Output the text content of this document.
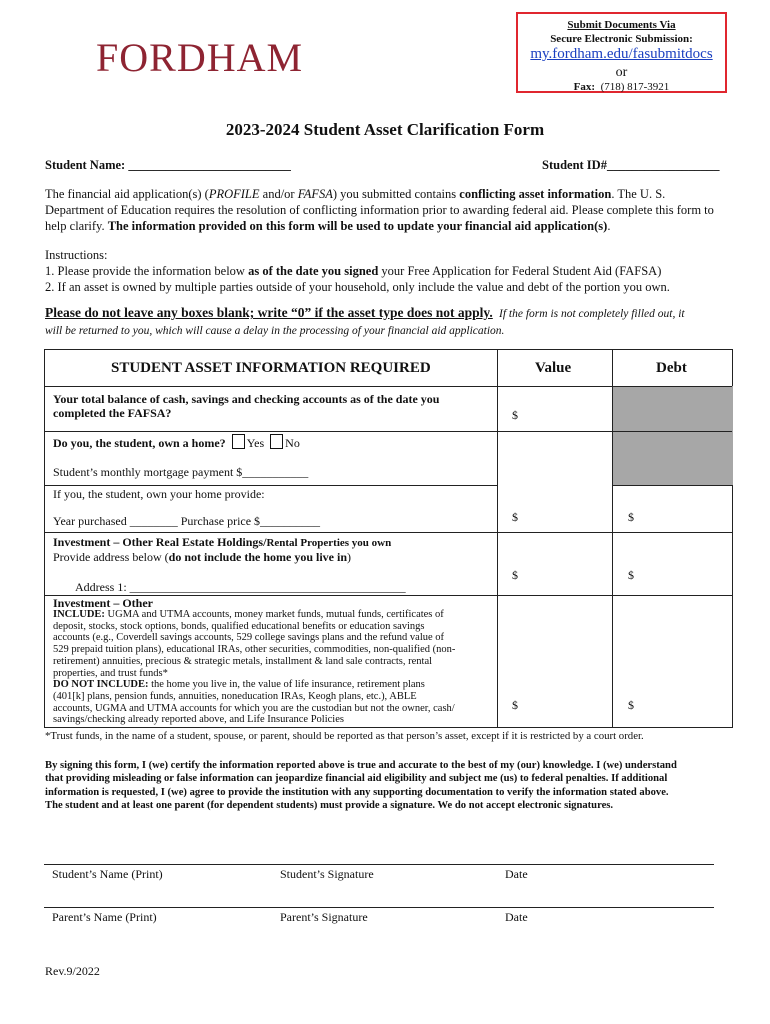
FORDHAM
Submit Documents Via
Secure Electronic Submission:
my.fordham.edu/fasubmitdocs
or
Fax: (718) 817-3921
2023-2024 Student Asset Clarification Form
Student Name: __________________________	Student ID#__________________
The financial aid application(s) (PROFILE and/or FAFSA) you submitted contains conflicting asset information. The U. S.
Department of Education requires the resolution of conflicting information prior to awarding federal aid. Please complete this form to
help clarify. The information provided on this form will be used to update your financial aid application(s).
Instructions:
1. Please provide the information below as of the date you signed your Free Application for Federal Student Aid (FAFSA)
2. If an asset is owned by multiple parties outside of your household, only include the value and debt of the portion you own.
Please do not leave any boxes blank; write “0” if the asset type does not apply. If the form is not completely filled out, it
will be returned to you, which will cause a delay in the processing of your financial aid application.
STUDENT ASSET INFORMATION REQUIRED	Value	Debt
Your total balance of cash, savings and checking accounts as of the date you
completed the FAFSA?	$
Do you, the student, own a home? Yes No
Student’s monthly mortgage payment $___________
If you, the student, own your home provide:
Year purchased ________ Purchase price $__________	$	$
Investment – Other Real Estate Holdings/Rental Properties you own
Provide address below (do not include the home you live in)
Address 1: ______________________________________________
$	$
Investment – Other
INCLUDE: UGMA and UTMA accounts, money market funds, mutual funds, certificates of
deposit, stocks, stock options, bonds, qualified educational benefits or education savings
accounts (e.g., Coverdell savings accounts, 529 college savings plans and the refund value of
529 prepaid tuition plans), educational IRAs, other securities, commodities, non-qualified (non-
retirement) annuities, precious & strategic metals, installment & land sale contracts, rental
properties, and trust funds*
DO NOT INCLUDE: the home you live in, the value of life insurance, retirement plans
(401[k] plans, pension funds, annuities, noneducation IRAs, Keogh plans, etc.), ABLE
accounts, UGMA and UTMA accounts for which you are the custodian but not the owner, cash/
savings/checking already reported above, and Life Insurance Policies
$	$
*Trust funds, in the name of a student, spouse, or parent, should be reported as that person’s asset, except if it is restricted by a court order.
By signing this form, I (we) certify the information reported above is true and accurate to the best of my (our) knowledge. I (we) understand
that providing misleading or false information can jeopardize financial aid eligibility and subject me (us) to federal penalties. If additional
information is requested, I (we) agree to provide the institution with any supporting documentation to verify the information stated above.
The student and at least one parent (for dependent students) must provide a signature. We do not accept electronic signatures.
Student’s Name (Print)	Student’s Signature	Date
Parent’s Name (Print)	Parent’s Signature	Date
Rev.9/2022
